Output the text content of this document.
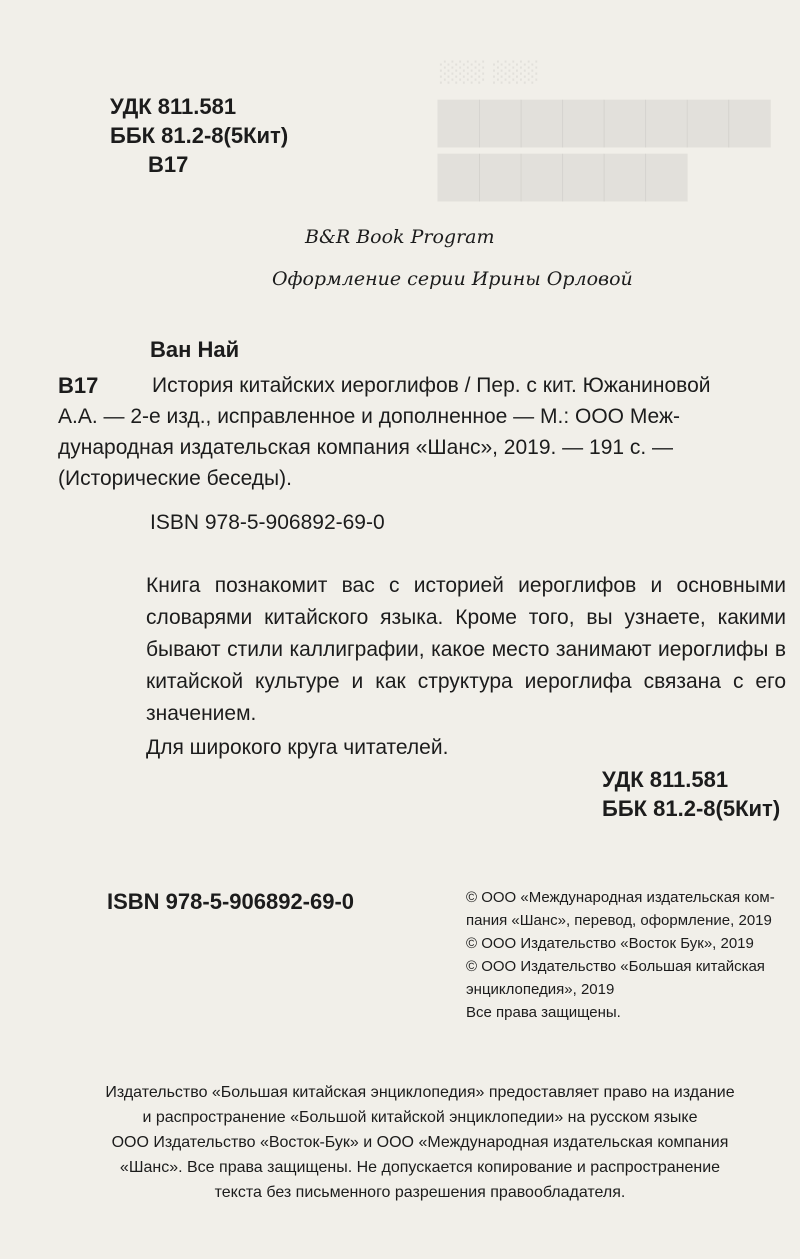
░░░ ░░░
▆▆▆▆▆▆▆▆
▆▆▆▆▆▆
УДК 811.581
ББК 81.2-8(5Кит)
В17
B&R Book Program
Оформление серии Ирины Орловой
Ван Най
В17	История китайских иероглифов / Пер. с кит. Южаниновой
А.А. — 2-е изд., исправленное и дополненное — М.: ООО Меж-
дународная издательская компания «Шанс», 2019. — 191 с. —
(Исторические беседы).
ISBN 978-5-906892-69-0

Книга познакомит вас с историей иероглифов и основными словарями китайского языка. Кроме того, вы узнаете, какими бывают стили каллиграфии, какое место занимают иероглифы в китайской культуре и как структура иероглифа связана с его значением.

Для широкого круга читателей.

УДК 811.581
ББК 81.2-8(5Кит)
ISBN 978-5-906892-69-0	© ООО «Международная издательская ком-
пания «Шанс», перевод, оформление, 2019
© ООО Издательство «Восток Бук», 2019
© ООО Издательство «Большая китайская
энциклопедия», 2019
Все права защищены.
Издательство «Большая китайская энциклопедия» предоставляет право на издание
и распространение «Большой китайской энциклопедии» на русском языке
ООО Издательство «Восток-Бук» и ООО «Международная издательская компания
«Шанс». Все права защищены. Не допускается копирование и распространение
текста без письменного разрешения правообладателя.
